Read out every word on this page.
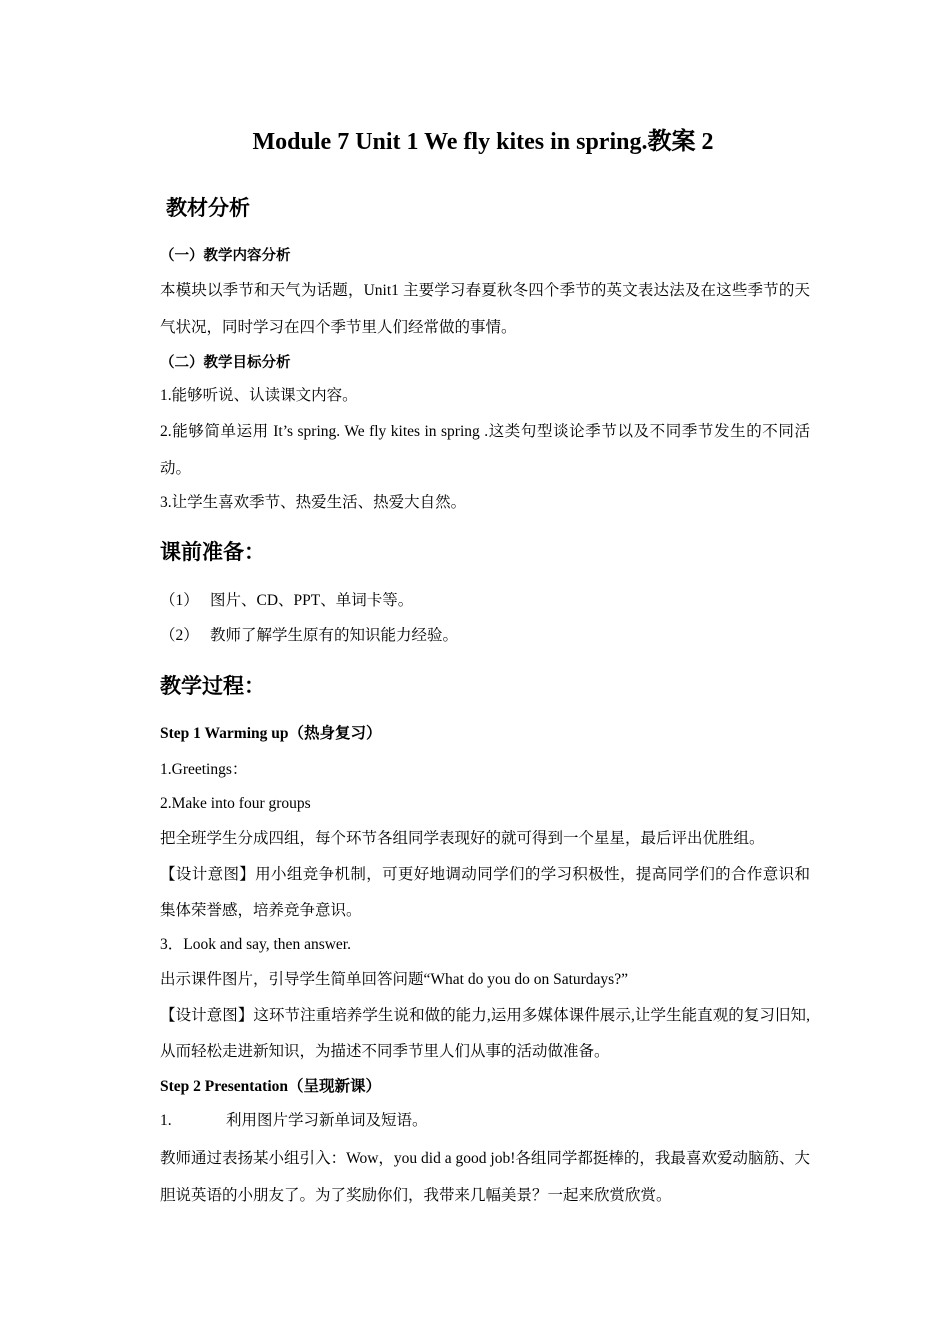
Module 7 Unit 1 We fly kites in spring.教案 2
教材分析
（一）教学内容分析

本模块以季节和天气为话题，Unit1 主要学习春夏秋冬四个季节的英文表达法及在这些季节的天气状况，同时学习在四个季节里人们经常做的事情。

（二）教学目标分析

1.能够听说、认读课文内容。

2.能够简单运用 It’s spring. We fly kites in spring .这类句型谈论季节以及不同季节发生的不同活动。

3.让学生喜欢季节、热爱生活、热爱大自然。

课前准备：

（1） 图片、CD、PPT、单词卡等。

（2） 教师了解学生原有的知识能力经验。

教学过程：

Step 1 Warming up（热身复习）

1.Greetings：

2.Make into four groups

把全班学生分成四组，每个环节各组同学表现好的就可得到一个星星，最后评出优胜组。

【设计意图】用小组竞争机制，可更好地调动同学们的学习积极性，提高同学们的合作意识和集体荣誉感，培养竞争意识。

3．Look and say, then answer.

出示课件图片，引导学生简单回答问题“What do you do on Saturdays?”

【设计意图】这环节注重培养学生说和做的能力,运用多媒体课件展示,让学生能直观的复习旧知,从而轻松走进新知识，为描述不同季节里人们从事的活动做准备。

Step 2 Presentation（呈现新课）

1.	利用图片学习新单词及短语。

教师通过表扬某小组引入：Wow，you did a good job!各组同学都挺棒的，我最喜欢爱动脑筋、大胆说英语的小朋友了。为了奖励你们，我带来几幅美景？一起来欣赏欣赏。
